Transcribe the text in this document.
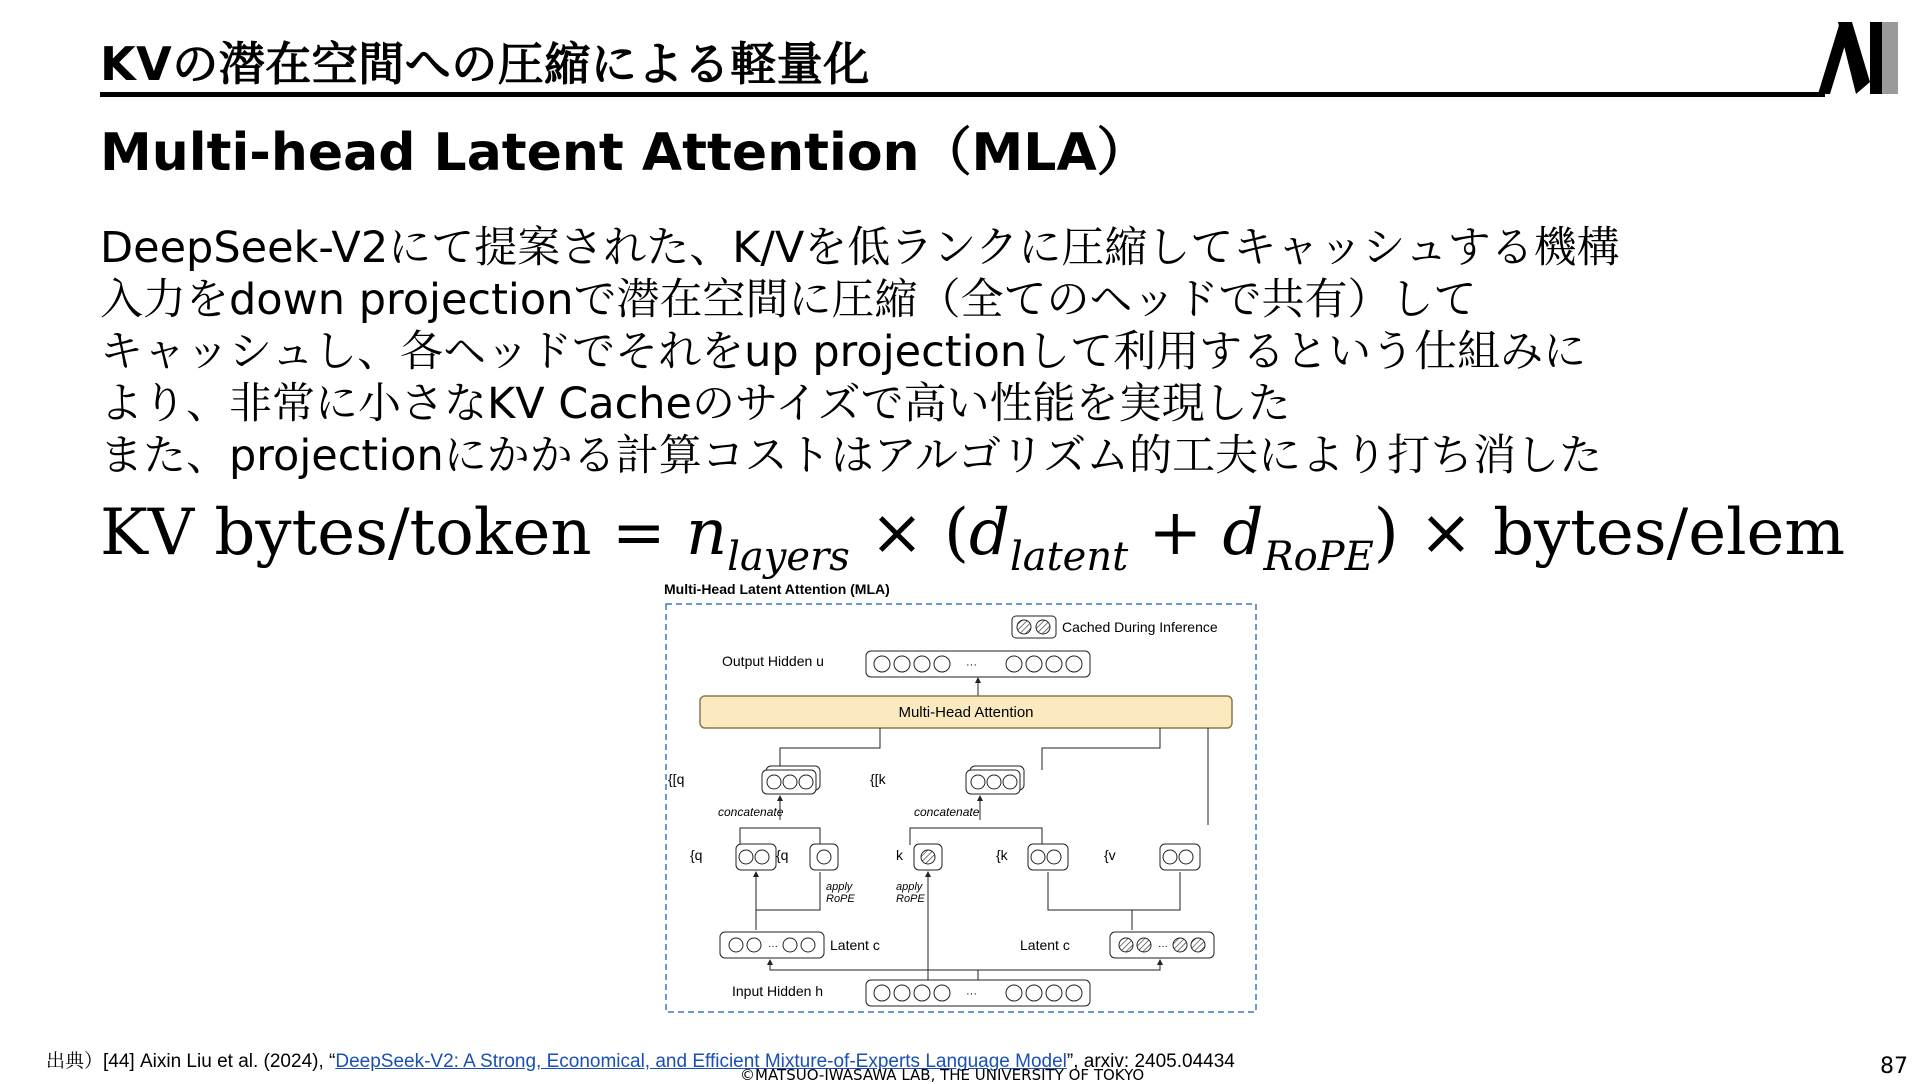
KVの潜在空間への圧縮による軽量化
Multi-head Latent Attention（MLA）
DeepSeek-V2にて提案された、K/Vを低ランクに圧縮してキャッシュする機構
入力をdown projectionで潜在空間に圧縮（全てのヘッドで共有）して
キャッシュし、各ヘッドでそれをup projectionして利用するという仕組みに
より、非常に小さなKV Cacheのサイズで高い性能を実現した
また、projectionにかかる計算コストはアルゴリズム的工夫により打ち消した
KV bytes/token = $n_{layers} \times (d_{latent} + d_{RoPE})$ × bytes/elem
Multi-Head Latent Attention (MLA)
Cached During Inference
Output Hidden u	···
Multi-Head Attention
{[q
concatenate
{[k
concatenate
{q	{q
apply
RoPE
k
apply
RoPE
{k	{v
···	Latent c	Latent c	···
Input Hidden h	···
出典）[44] Aixin Liu et al. (2024), “DeepSeek-V2: A Strong, Economical, and Efficient Mixture-of-Experts Language Model”, arxiv: 2405.04434
©MATSUO-IWASAWA LAB, THE UNIVERSITY OF TOKYO	87
